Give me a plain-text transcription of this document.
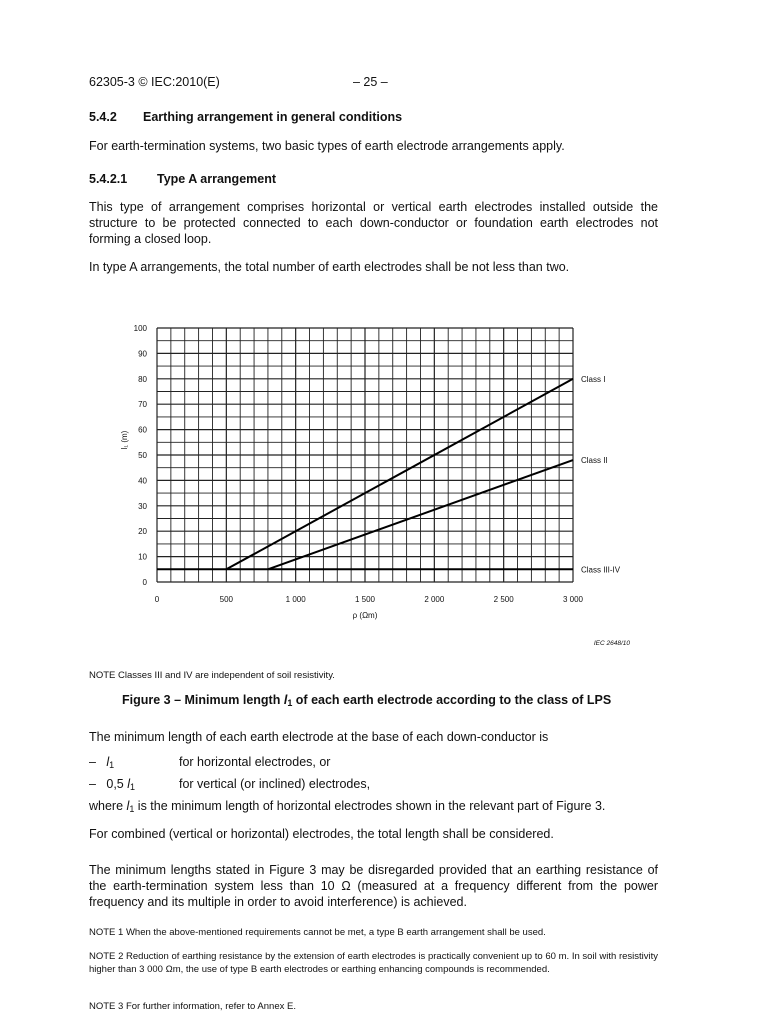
62305-3 © IEC:2010(E)	– 25 –
5.4.2 Earthing arrangement in general conditions
For earth-termination systems, two basic types of earth electrode arrangements apply.
5.4.2.1 Type A arrangement
This type of arrangement comprises horizontal or vertical earth electrodes installed outside the structure to be protected connected to each down-conductor or foundation earth electrodes not forming a closed loop.
In type A arrangements, the total number of earth electrodes shall be not less than two.
0
10
20
30
40
50
60
70
80
90
100
0	500	1 000	1 500	2 000	2 500	3 000
Class I
Class II
Class III-IV
ρ (Ωm)
l₁ (m)
IEC 2648/10
NOTE Classes III and IV are independent of soil resistivity.
Figure 3 – Minimum length $l_1$ of each earth electrode according to the class of LPS
The minimum length of each earth electrode at the base of each down-conductor is
– $l_1$	for horizontal electrodes, or
– 0,5 $l_1$	for vertical (or inclined) electrodes,
where $l_1$ is the minimum length of horizontal electrodes shown in the relevant part of Figure 3.
For combined (vertical or horizontal) electrodes, the total length shall be considered.
The minimum lengths stated in Figure 3 may be disregarded provided that an earthing resistance of the earth-termination system less than 10 Ω (measured at a frequency different from the power frequency and its multiple in order to avoid interference) is achieved.
NOTE 1 When the above-mentioned requirements cannot be met, a type B earth arrangement shall be used.
NOTE 2 Reduction of earthing resistance by the extension of earth electrodes is practically convenient up to 60 m. In soil with resistivity higher than 3 000 Ωm, the use of type B earth electrodes or earthing enhancing compounds is recommended.
NOTE 3 For further information, refer to Annex E.
